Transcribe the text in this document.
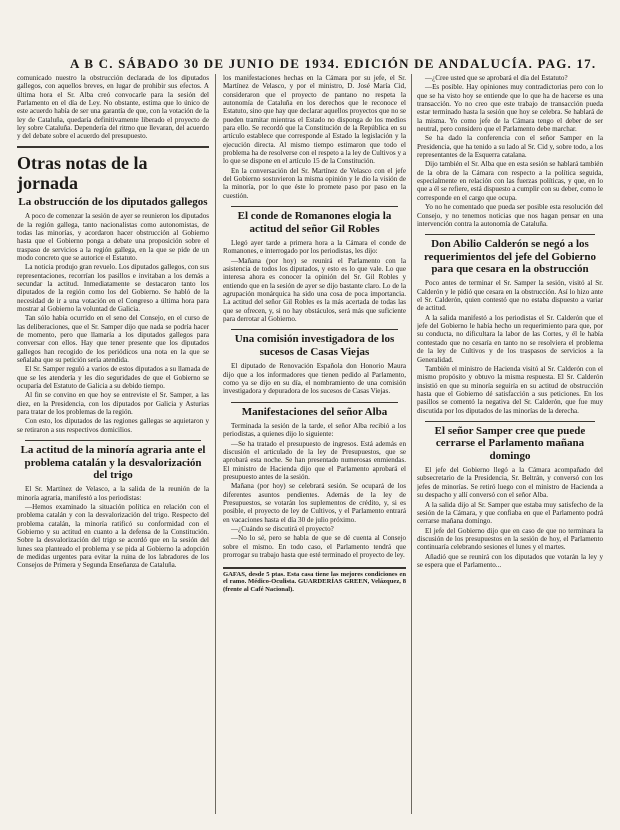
A B C. SÁBADO 30 DE JUNIO DE 1934. EDICIÓN DE ANDALUCÍA. PAG. 17.

comunicado nuestro la obstrucción declarada de los diputados gallegos, con aquellos breves, en lugar de prohibir sus efectos. A última hora el Sr. Alba creó convocarle para la sesión del Parlamento en el día de Ley. No obstante, estima que lo único de este acuerdo había de ser una garantía de que, con la votación de la ley de Cataluña, quedaría definitivamente liberado el proyecto de ley sobre Cataluña. Dependería del ritmo que llevaran, del acuerdo y del debate sobre el acuerdo del presupuesto.

Otras notas de la jornada
La obstrucción de los diputados gallegos

A poco de comenzar la sesión de ayer se reunieron los diputados de la región gallega, tanto nacionalistas como autonomistas, de todas las minorías, y acordaron hacer obstrucción al Gobierno hasta que el Gobierno ponga a debate una proposición sobre el traspaso de servicios a la región gallega, en la que se pide de un modo concreto que se autorice el Estatuto.

La noticia produjo gran revuelo. Los diputados gallegos, con sus representaciones, recorrían los pasillos e invitaban a los demás a secundar la actitud. Inmediatamente se destacaron tanto los diputados de la región como los del Gobierno. Se habló de la necesidad de ir a una votación en el Congreso a última hora para mostrar al Gobierno la voluntad de Galicia.

Tan sólo había ocurrido en el seno del Consejo, en el curso de las deliberaciones, que el Sr. Samper dijo que nada se podría hacer de momento, pero que llamaría a los diputados gallegos para conversar con ellos. Hay que tener presente que los diputados gallegos han recogido de los periódicos una nota en la que se señalaba que su petición sería atendida.

El Sr. Samper reguló a varios de estos diputados a su llamada de que se les atendería y les dio seguridades de que el Gobierno se ocuparía del Estatuto de Galicia a su debido tiempo.

Al fin se convino en que hoy se entreviste el Sr. Samper, a las diez, en la Presidencia, con los diputados por Galicia y Asturias para tratar de los problemas de la región.

Con esto, los diputados de las regiones gallegas se aquietaron y se retiraron a sus respectivos domicilios.

La actitud de la minoría agraria ante el problema catalán y la desvalorización del trigo

El Sr. Martínez de Velasco, a la salida de la reunión de la minoría agraria, manifestó a los periodistas:

—Hemos examinado la situación política en relación con el problema catalán y con la desvalorización del trigo. Respecto del problema catalán, la minoría ratificó su conformidad con el Gobierno y su actitud en cuanto a la defensa de la Constitución. Sobre la desvalorización del trigo se acordó que en la sesión del lunes sea planteado el problema y se pida al Gobierno la adopción de medidas urgentes para evitar la ruina de los labradores de los Consejos de Primera y Segunda Enseñanza de Cataluña.

los manifestaciones hechas en la Cámara por su jefe, el Sr. Martínez de Velasco, y por el ministro, D. José María Cid, consideraron que el proyecto de pantano no respeta la autonomía de Cataluña en los derechos que le reconoce el Estatuto, sino que hay que declarar aquellos proyectos que no se pueden tramitar mientras el Estado no disponga de los medios para ello. Se recordó que la Constitución de la República en su artículo establece que corresponde al Estado la legislación y la ejecución directa. Al mismo tiempo estimaron que todo el problema ha de resolverse con el respeto a la ley de Cultivos y a lo que se dispone en el artículo 15 de la Constitución.

En la conversación del Sr. Martínez de Velasco con el jefe del Gobierno sostuvieron la misma opinión y le dio la visión de la minoría, por lo que éste lo promete paso por paso en la cuestión.

El conde de Romanones elogia la actitud del señor Gil Robles

Llegó ayer tarde a primera hora a la Cámara el conde de Romanones, e interrogado por los periodistas, les dijo:

—Mañana (por hoy) se reunirá el Parlamento con la asistencia de todos los diputados, y esto es lo que vale. Lo que interesa ahora es conocer la opinión del Sr. Gil Robles y entiendo que en la sesión de ayer se dijo bastante claro. Lo de la agrupación monárquica ha sido una cosa de poca importancia. La actitud del señor Gil Robles es la más acertada de todas las que se ofrecen, y, si no hay obstáculos, será más que suficiente para derrotar al Gobierno.

Una comisión investigadora de los sucesos de Casas Viejas

El diputado de Renovación Española don Honorio Maura dijo que a los informadores que tienen pedido al Parlamento, como ya se dijo en su día, el nombramiento de una comisión investigadora y depuradora de los sucesos de Casas Viejas.

Manifestaciones del señor Alba

Terminada la sesión de la tarde, el señor Alba recibió a los periodistas, a quienes dijo lo siguiente:

—Se ha tratado el presupuesto de ingresos. Está además en discusión el articulado de la ley de Presupuestos, que se aprobará esta noche. Se han presentado numerosas enmiendas. El ministro de Hacienda dijo que el Parlamento aprobará el presupuesto antes de la sesión.

Mañana (por hoy) se celebrará sesión. Se ocupará de los diferentes asuntos pendientes. Además de la ley de Presupuestos, se votarán los suplementos de crédito, y, si es posible, el proyecto de ley de Cultivos, y el Parlamento entrará en vacaciones hasta el día 30 de julio próximo.

—¿Cuándo se discutirá el proyecto?

—No lo sé, pero se habla de que se dé cuenta al Consejo sobre el mismo. En todo caso, el Parlamento tendrá que prorrogar su trabajo hasta que esté terminado el proyecto de ley.

GAFAS, desde 5 ptas. Esta casa tiene las mejores condiciones en el ramo. Médico-Oculista. GUARDERÍAS GREEN, Velázquez, 8 (frente al Café Nacional).

—¿Cree usted que se aprobará el día del Estatuto?

—Es posible. Hay opiniones muy contradictorias pero con lo que se ha visto hoy se entiende que lo que ha de hacerse es una transacción. Yo no creo que este trabajo de transacción pueda estar terminado hasta la sesión que hoy se celebra. Se hablará de la misma. Yo como jefe de la Cámara tengo el deber de ser neutral, pero considero que el Parlamento debe marchar.

Se ha dado la conferencia con el señor Samper en la Presidencia, que ha tenido a su lado al Sr. Cid y, sobre todo, a los representantes de la Esquerra catalana.

Dijo también el Sr. Alba que en esta sesión se hablará también de la obra de la Cámara con respecto a la política seguida, especialmente en relación con las fuerzas políticas, y que, en lo que a él se refiere, está dispuesto a cumplir con su deber, como le corresponde en el cargo que ocupa.

Yo no he comentado que pueda ser posible esta resolución del Consejo, y no tenemos noticias que nos hagan pensar en una intervención contra la autonomía de Cataluña.

Don Abilio Calderón se negó a los requerimientos del jefe del Gobierno para que cesara en la obstrucción

Poco antes de terminar el Sr. Samper la sesión, visitó al Sr. Calderón y le pidió que cesara en la obstrucción. Así lo hizo ante el Sr. Calderón, quien contestó que no estaba dispuesto a variar de actitud.

A la salida manifestó a los periodistas el Sr. Calderón que el jefe del Gobierno le había hecho un requerimiento para que, por su conducta, no dificultara la labor de las Cortes, y él le había contestado que no cesaría en tanto no se resolviera el problema de la ley de Cultivos y de los traspasos de servicios a la Generalidad.

También el ministro de Hacienda visitó al Sr. Calderón con el mismo propósito y obtuvo la misma respuesta. El Sr. Calderón insistió en que su minoría seguiría en su actitud de obstrucción hasta que el Gobierno dé satisfacción a sus peticiones. En los pasillos se comentó la negativa del Sr. Calderón, que fue muy discutida por los diputados de las minorías de la derecha.

El señor Samper cree que puede cerrarse el Parlamento mañana domingo

El jefe del Gobierno llegó a la Cámara acompañado del subsecretario de la Presidencia, Sr. Beltrán, y conversó con los jefes de minorías. Se retiró luego con el ministro de Hacienda a su despacho y allí conversó con el señor Alba.

A la salida dijo al Sr. Samper que estaba muy satisfecho de la sesión de la Cámara, y que confiaba en que el Parlamento podrá cerrarse mañana domingo.

El jefe del Gobierno dijo que en caso de que no terminara la discusión de los presupuestos en la sesión de hoy, el Parlamento continuaría celebrando sesiones el lunes y el martes.

Añadió que se reunirá con los diputados que votarán la ley y se espera que el Parlamento...
